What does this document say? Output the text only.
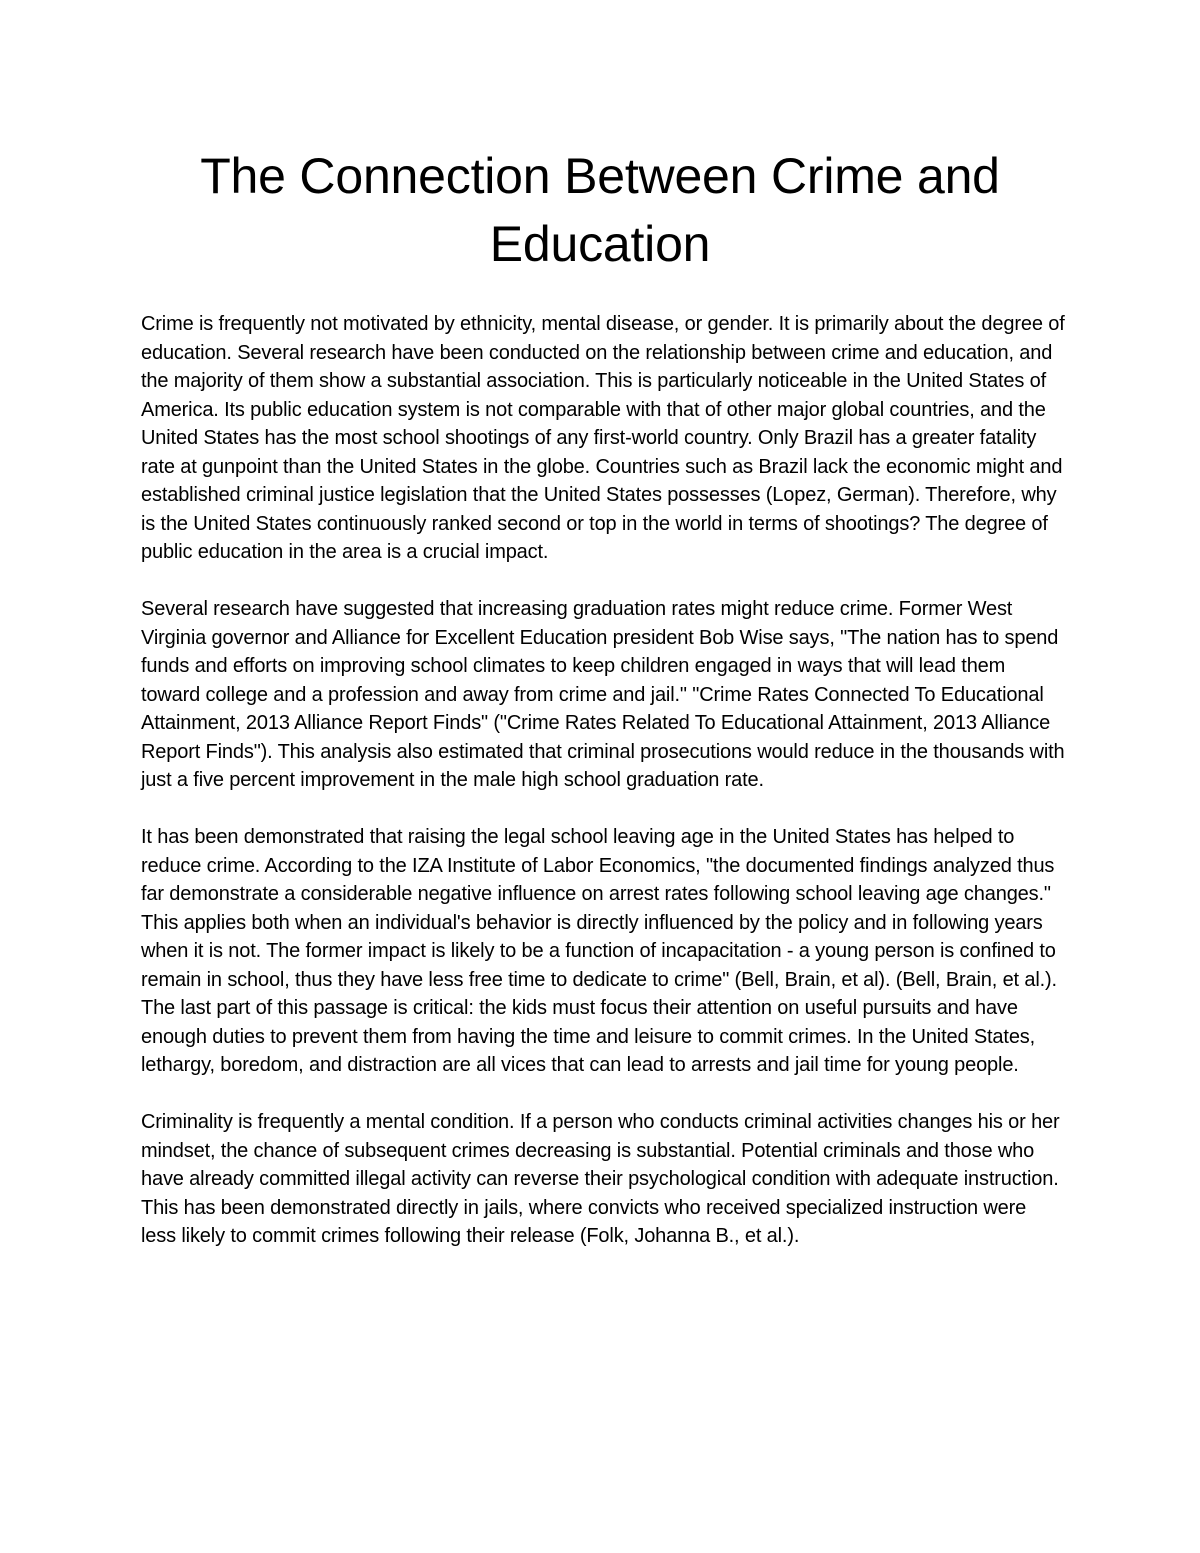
The Connection Between Crime and Education

Crime is frequently not motivated by ethnicity, mental disease, or gender. It is primarily about the degree of education. Several research have been conducted on the relationship between crime and education, and the majority of them show a substantial association. This is particularly noticeable in the United States of America. Its public education system is not comparable with that of other major global countries, and the United States has the most school shootings of any first-world country. Only Brazil has a greater fatality rate at gunpoint than the United States in the globe. Countries such as Brazil lack the economic might and established criminal justice legislation that the United States possesses (Lopez, German). Therefore, why is the United States continuously ranked second or top in the world in terms of shootings? The degree of public education in the area is a crucial impact.

Several research have suggested that increasing graduation rates might reduce crime. Former West Virginia governor and Alliance for Excellent Education president Bob Wise says, "The nation has to spend funds and efforts on improving school climates to keep children engaged in ways that will lead them toward college and a profession and away from crime and jail." "Crime Rates Connected To Educational Attainment, 2013 Alliance Report Finds" ("Crime Rates Related To Educational Attainment, 2013 Alliance Report Finds"). This analysis also estimated that criminal prosecutions would reduce in the thousands with just a five percent improvement in the male high school graduation rate.

It has been demonstrated that raising the legal school leaving age in the United States has helped to reduce crime. According to the IZA Institute of Labor Economics, "the documented findings analyzed thus far demonstrate a considerable negative influence on arrest rates following school leaving age changes." This applies both when an individual's behavior is directly influenced by the policy and in following years when it is not. The former impact is likely to be a function of incapacitation - a young person is confined to remain in school, thus they have less free time to dedicate to crime" (Bell, Brain, et al). (Bell, Brain, et al.). The last part of this passage is critical: the kids must focus their attention on useful pursuits and have enough duties to prevent them from having the time and leisure to commit crimes. In the United States, lethargy, boredom, and distraction are all vices that can lead to arrests and jail time for young people.

Criminality is frequently a mental condition. If a person who conducts criminal activities changes his or her mindset, the chance of subsequent crimes decreasing is substantial. Potential criminals and those who have already committed illegal activity can reverse their psychological condition with adequate instruction. This has been demonstrated directly in jails, where convicts who received specialized instruction were less likely to commit crimes following their release (Folk, Johanna B., et al.).
